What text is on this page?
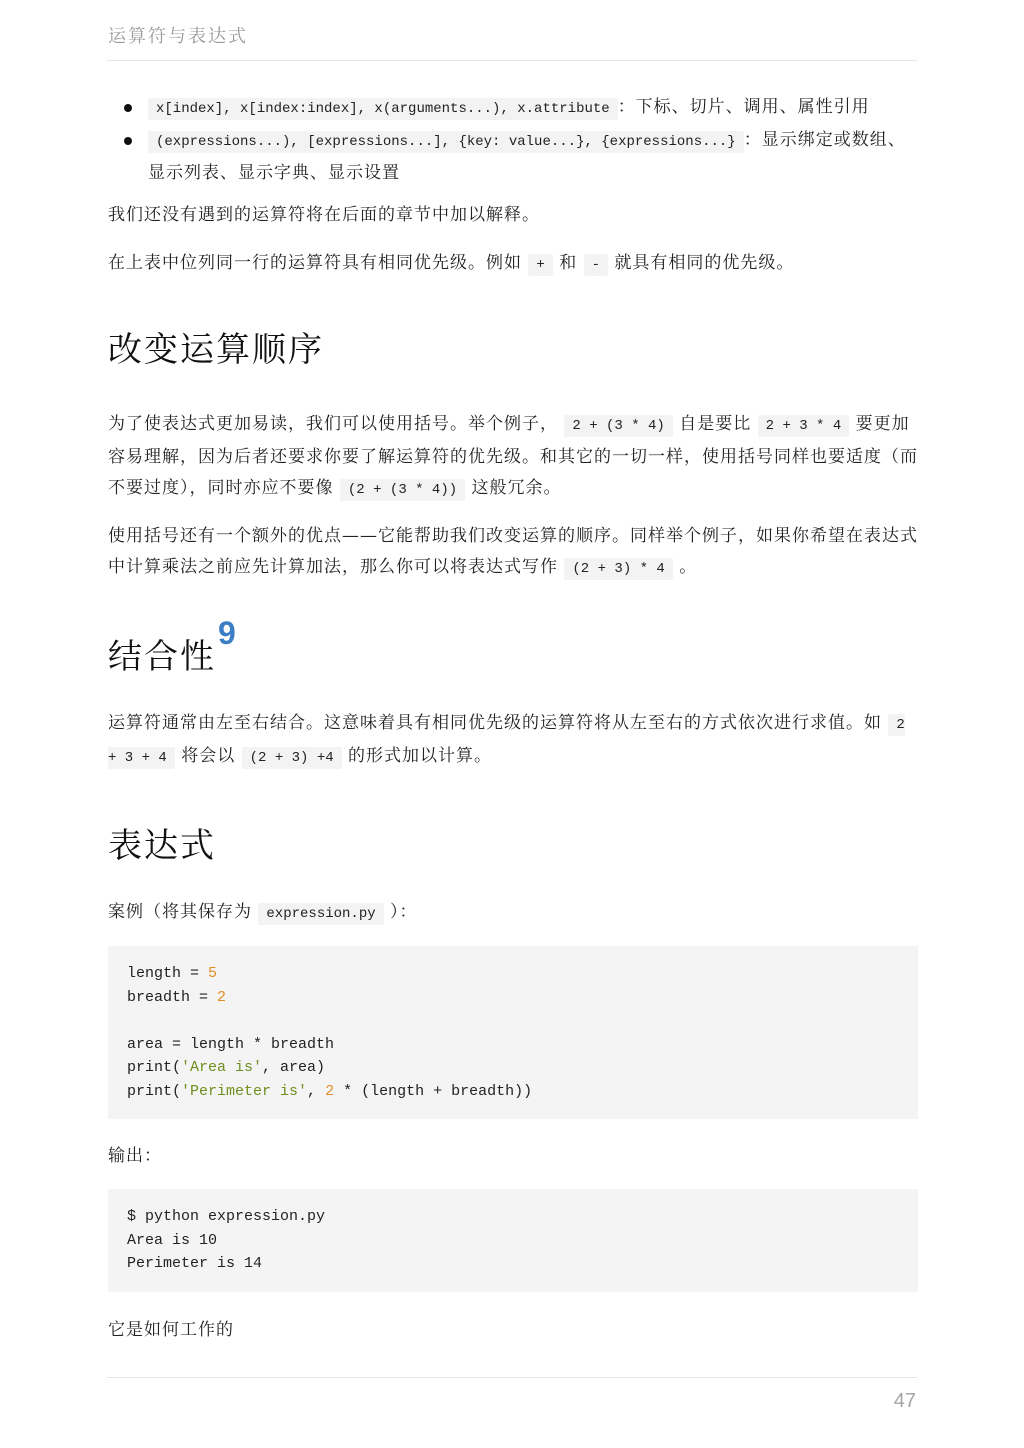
运算符与表达式
x[index], x[index:index], x(arguments...), x.attribute ：下标、切片、调用、属性引用
(expressions...), [expressions...], {key: value...}, {expressions...} ：显示绑定或数组、显示列表、显示字典、显示设置

我们还没有遇到的运算符将在后面的章节中加以解释。

在上表中位列同一行的运算符具有相同优先级。例如 + 和 - 就具有相同的优先级。

改变运算顺序

为了使表达式更加易读，我们可以使用括号。举个例子， 2 + (3 * 4) 自是要比 2 + 3 * 4 要更加容易理解，因为后者还要求你要了解运算符的优先级。和其它的一切一样，使用括号同样也要适度（而不要过度），同时亦应不要像 (2 + (3 * 4)) 这般冗余。

使用括号还有一个额外的优点——它能帮助我们改变运算的顺序。同样举个例子，如果你希望在表达式中计算乘法之前应先计算加法，那么你可以将表达式写作 (2 + 3) * 4 。

结合性$^9$

运算符通常由左至右结合。这意味着具有相同优先级的运算符将从左至右的方式依次进行求值。如 2 + 3 + 4 将会以 (2 + 3) +4 的形式加以计算。

表达式

案例（将其保存为 expression.py ）：

length = 5
breadth = 2

area = length * breadth
print('Area is', area)
print('Perimeter is', 2 * (length + breadth))

输出：

$ python expression.py
Area is 10
Perimeter is 14

它是如何工作的

47
